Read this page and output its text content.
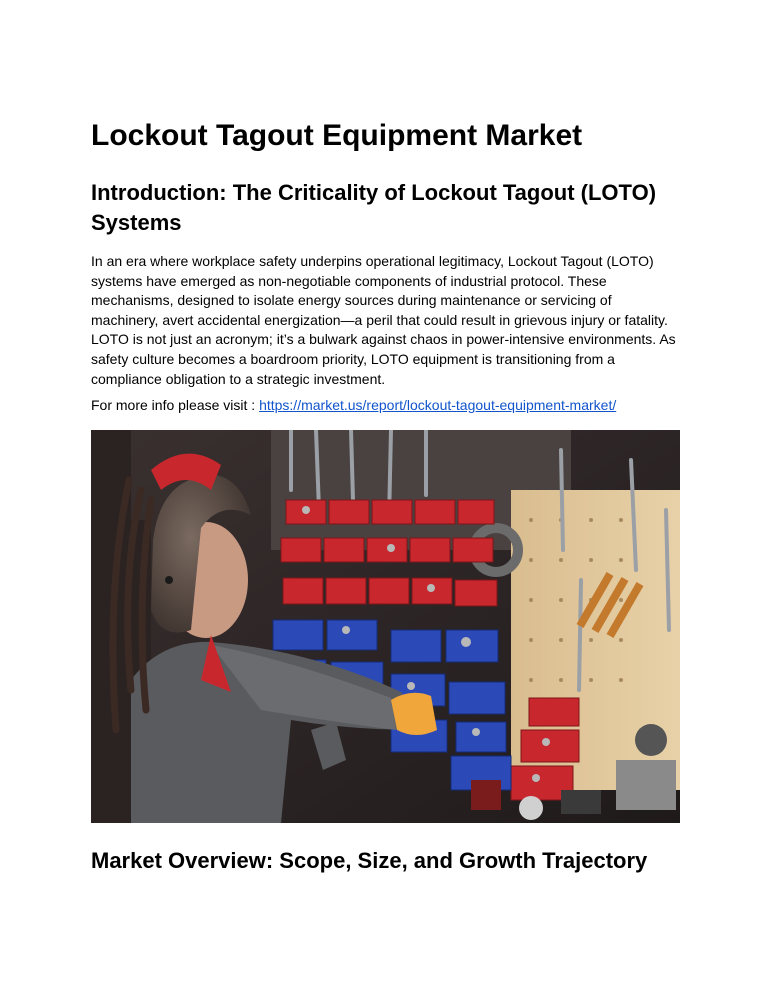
Lockout Tagout Equipment Market
Introduction: The Criticality of Lockout Tagout (LOTO) Systems

In an era where workplace safety underpins operational legitimacy, Lockout Tagout (LOTO) systems have emerged as non-negotiable components of industrial protocol. These mechanisms, designed to isolate energy sources during maintenance or servicing of machinery, avert accidental energization—a peril that could result in grievous injury or fatality. LOTO is not just an acronym; it’s a bulwark against chaos in power-intensive environments. As safety culture becomes a boardroom priority, LOTO equipment is transitioning from a compliance obligation to a strategic investment.

For more info please visit : https://market.us/report/lockout-tagout-equipment-market/

Market Overview: Scope, Size, and Growth Trajectory
